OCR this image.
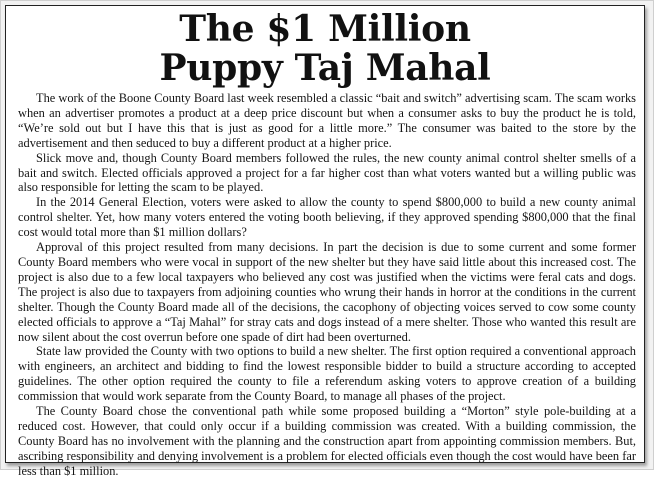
The $1 Million
Puppy Taj Mahal

The work of the Boone County Board last week resembled a classic “bait and switch” advertising scam. The scam works when an advertiser promotes a product at a deep price discount but when a consumer asks to buy the product he is told, “We’re sold out but I have this that is just as good for a little more.” The consumer was baited to the store by the advertisement and then seduced to buy a different product at a higher price.

Slick move and, though County Board members followed the rules, the new county animal control shelter smells of a bait and switch. Elected officials approved a project for a far higher cost than what voters wanted but a willing public was also responsible for letting the scam to be played.

In the 2014 General Election, voters were asked to allow the county to spend $800,000 to build a new county animal control shelter. Yet, how many voters entered the voting booth believing, if they approved spending $800,000 that the final cost would total more than $1 million dollars?

Approval of this project resulted from many decisions. In part the decision is due to some current and some former County Board members who were vocal in support of the new shelter but they have said little about this increased cost. The project is also due to a few local taxpayers who believed any cost was justified when the victims were feral cats and dogs. The project is also due to taxpayers from adjoining counties who wrung their hands in horror at the conditions in the current shelter. Though the County Board made all of the decisions, the cacophony of objecting voices served to cow some county elected officials to approve a “Taj Mahal” for stray cats and dogs instead of a mere shelter. Those who wanted this result are now silent about the cost overrun before one spade of dirt had been overturned.

State law provided the County with two options to build a new shelter. The first option required a conventional approach with engineers, an architect and bidding to find the lowest responsible bidder to build a structure according to accepted guidelines. The other option required the county to file a referendum asking voters to approve creation of a building commission that would work separate from the County Board, to manage all phases of the project.

The County Board chose the conventional path while some proposed building a “Morton” style pole-building at a reduced cost. However, that could only occur if a building commission was created. With a building commission, the County Board has no involvement with the planning and the construction apart from appointing commission members. But, ascribing responsibility and denying involvement is a problem for elected officials even though the cost would have been far less than $1 million.
